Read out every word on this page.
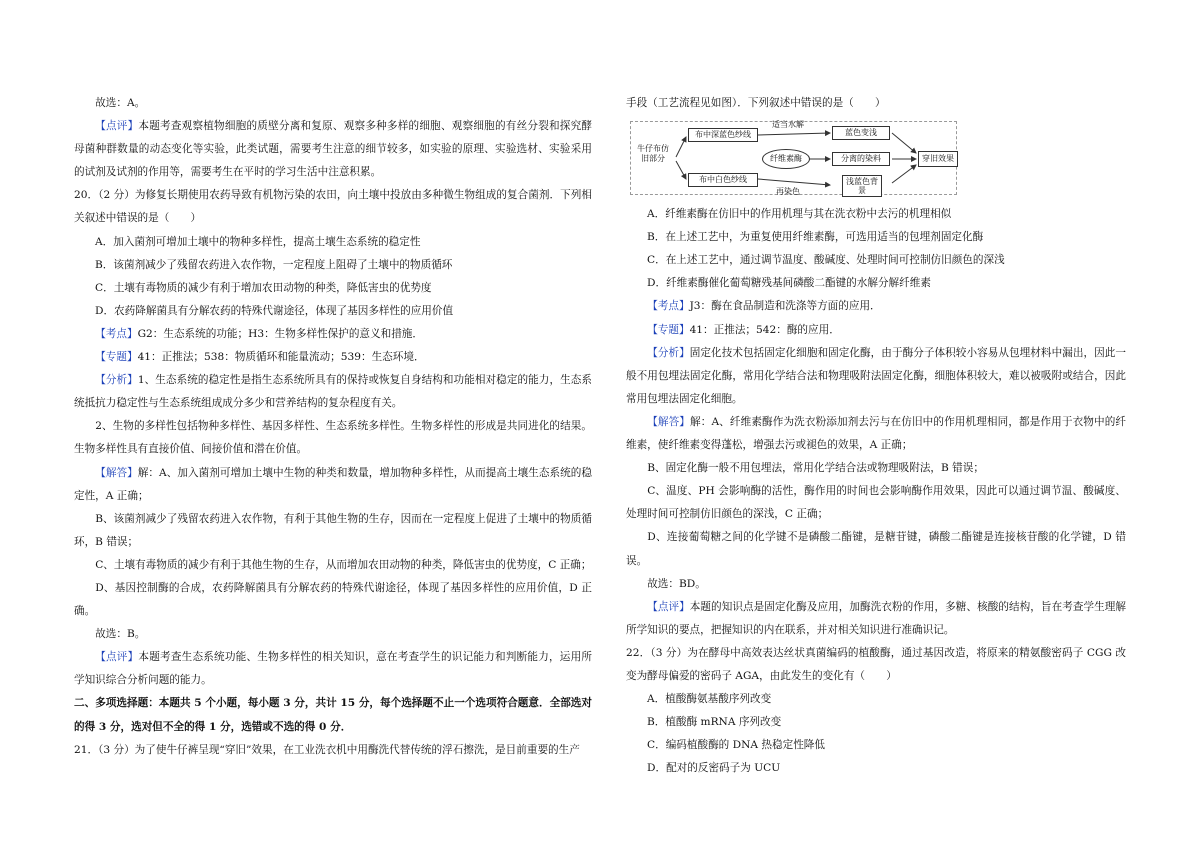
故选：A。

【点评】本题考查观察植物细胞的质壁分离和复原、观察多种多样的细胞、观察细胞的有丝分裂和探究酵母菌种群数量的动态变化等实验，此类试题，需要考生注意的细节较多，如实验的原理、实验选材、实验采用的试剂及试剂的作用等，需要考生在平时的学习生活中注意积累。

20．（2 分）为修复长期使用农药导致有机物污染的农田，向土壤中投放由多种微生物组成的复合菌剂．下列相关叙述中错误的是（　　）

A．加入菌剂可增加土壤中的物种多样性，提高土壤生态系统的稳定性

B．该菌剂减少了残留农药进入农作物，一定程度上阻碍了土壤中的物质循环

C．土壤有毒物质的减少有利于增加农田动物的种类，降低害虫的优势度

D．农药降解菌具有分解农药的特殊代谢途径，体现了基因多样性的应用价值

【考点】G2：生态系统的功能；H3：生物多样性保护的意义和措施．

【专题】41：正推法；538：物质循环和能量流动；539：生态环境．

【分析】1、生态系统的稳定性是指生态系统所具有的保持或恢复自身结构和功能相对稳定的能力，生态系统抵抗力稳定性与生态系统组成成分多少和营养结构的复杂程度有关。

2、生物的多样性包括物种多样性、基因多样性、生态系统多样性。生物多样性的形成是共同进化的结果。生物多样性具有直接价值、间接价值和潜在价值。

【解答】解：A、加入菌剂可增加土壤中生物的种类和数量，增加物种多样性，从而提高土壤生态系统的稳定性，A 正确；

B、该菌剂减少了残留农药进入农作物，有利于其他生物的生存，因而在一定程度上促进了土壤中的物质循环，B 错误；

C、土壤有毒物质的减少有利于其他生物的生存，从而增加农田动物的种类，降低害虫的优势度，C 正确；

D、基因控制酶的合成，农药降解菌具有分解农药的特殊代谢途径，体现了基因多样性的应用价值，D 正确。

故选：B。

【点评】本题考查生态系统功能、生物多样性的相关知识，意在考查学生的识记能力和判断能力，运用所学知识综合分析问题的能力。

二、多项选择题：本题共 5 个小题，每小题 3 分，共计 15 分，每个选择题不止一个选项符合题意．全部选对的得 3 分，选对但不全的得 1 分，选错或不选的得 0 分．

21．（3 分）为了使牛仔裤呈现“穿旧”效果，在工业洗衣机中用酶洗代替传统的浮石擦洗，是目前重要的生产

手段（工艺流程见如图）．下列叙述中错误的是（　　）

牛仔布仿旧部分
布中深蓝色纱线
布中白色纱线
适当水解
纤维素酶
再染色
蓝色变浅
分离的染料
浅蓝色背景
穿旧效果

A．纤维素酶在仿旧中的作用机理与其在洗衣粉中去污的机理相似

B．在上述工艺中，为重复使用纤维素酶，可选用适当的包埋剂固定化酶

C．在上述工艺中，通过调节温度、酸碱度、处理时间可控制仿旧颜色的深浅

D．纤维素酶催化葡萄糖残基间磷酸二酯键的水解分解纤维素

【考点】J3：酶在食品制造和洗涤等方面的应用．

【专题】41：正推法；542：酶的应用．

【分析】固定化技术包括固定化细胞和固定化酶，由于酶分子体积较小容易从包埋材料中漏出，因此一般不用包埋法固定化酶，常用化学结合法和物理吸附法固定化酶，细胞体积较大，难以被吸附或结合，因此常用包埋法固定化细胞。

【解答】解：A、纤维素酶作为洗衣粉添加剂去污与在仿旧中的作用机理相同，都是作用于衣物中的纤维素，使纤维素变得蓬松，增强去污或褪色的效果，A 正确；

B、固定化酶一般不用包埋法，常用化学结合法或物理吸附法，B 错误；

C、温度、PH 会影响酶的活性，酶作用的时间也会影响酶作用效果，因此可以通过调节温、酸碱度、处理时间可控制仿旧颜色的深浅，C 正确；

D、连接葡萄糖之间的化学键不是磷酸二酯键，是糖苷键，磷酸二酯键是连接核苷酸的化学键，D 错误。

故选：BD。

【点评】本题的知识点是固定化酶及应用，加酶洗衣粉的作用，多糖、核酸的结构，旨在考查学生理解所学知识的要点，把握知识的内在联系，并对相关知识进行准确识记。

22．（3 分）为在酵母中高效表达丝状真菌编码的植酸酶，通过基因改造，将原来的精氨酸密码子 CGG 改变为酵母偏爱的密码子 AGA，由此发生的变化有（　　）

A．植酸酶氨基酸序列改变

B．植酸酶 mRNA 序列改变

C．编码植酸酶的 DNA 热稳定性降低

D．配对的反密码子为 UCU
